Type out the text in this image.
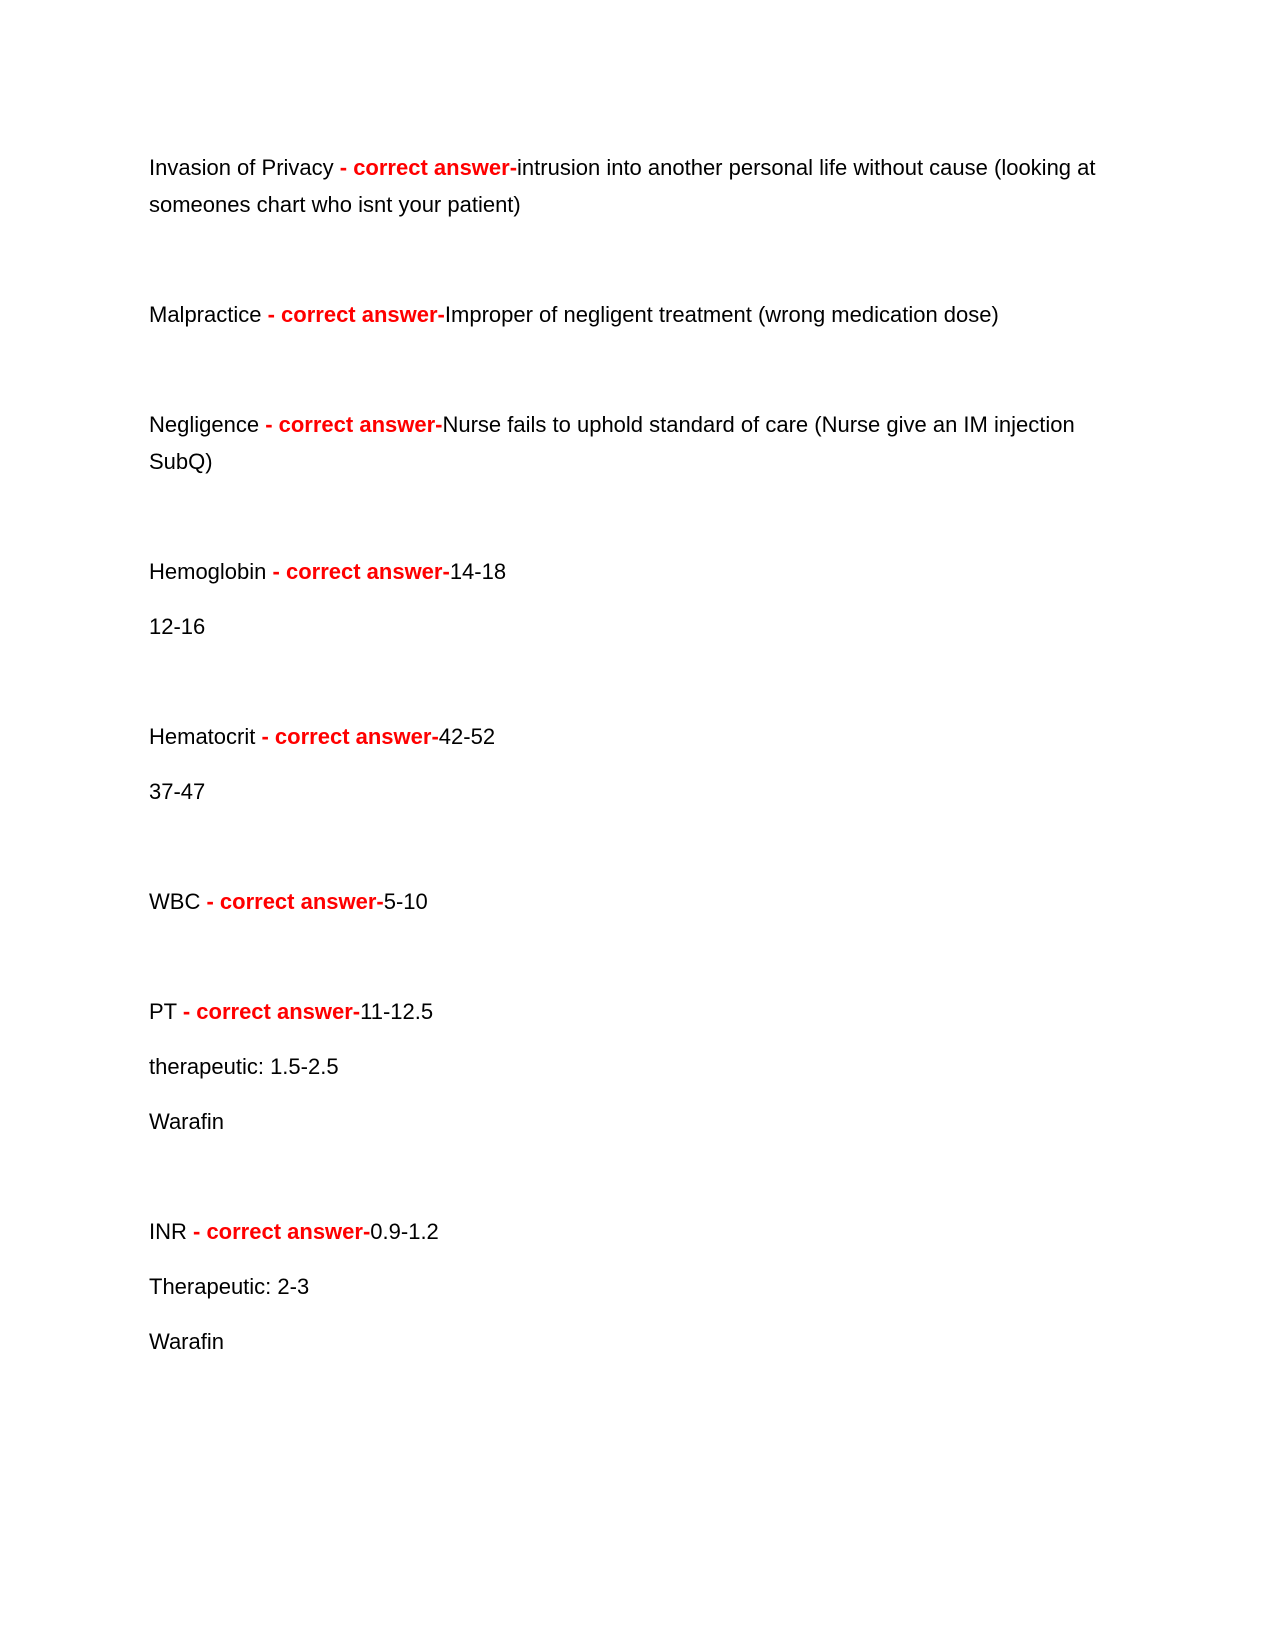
Invasion of Privacy - correct answer-intrusion into another personal life without cause (looking at someones chart who isnt your patient)

Malpractice - correct answer-Improper of negligent treatment (wrong medication dose)

Negligence - correct answer-Nurse fails to uphold standard of care (Nurse give an IM injection SubQ)

Hemoglobin - correct answer-14-18

12-16

Hematocrit - correct answer-42-52

37-47

WBC - correct answer-5-10

PT - correct answer-11-12.5

therapeutic: 1.5-2.5

Warafin

INR - correct answer-0.9-1.2

Therapeutic: 2-3

Warafin
